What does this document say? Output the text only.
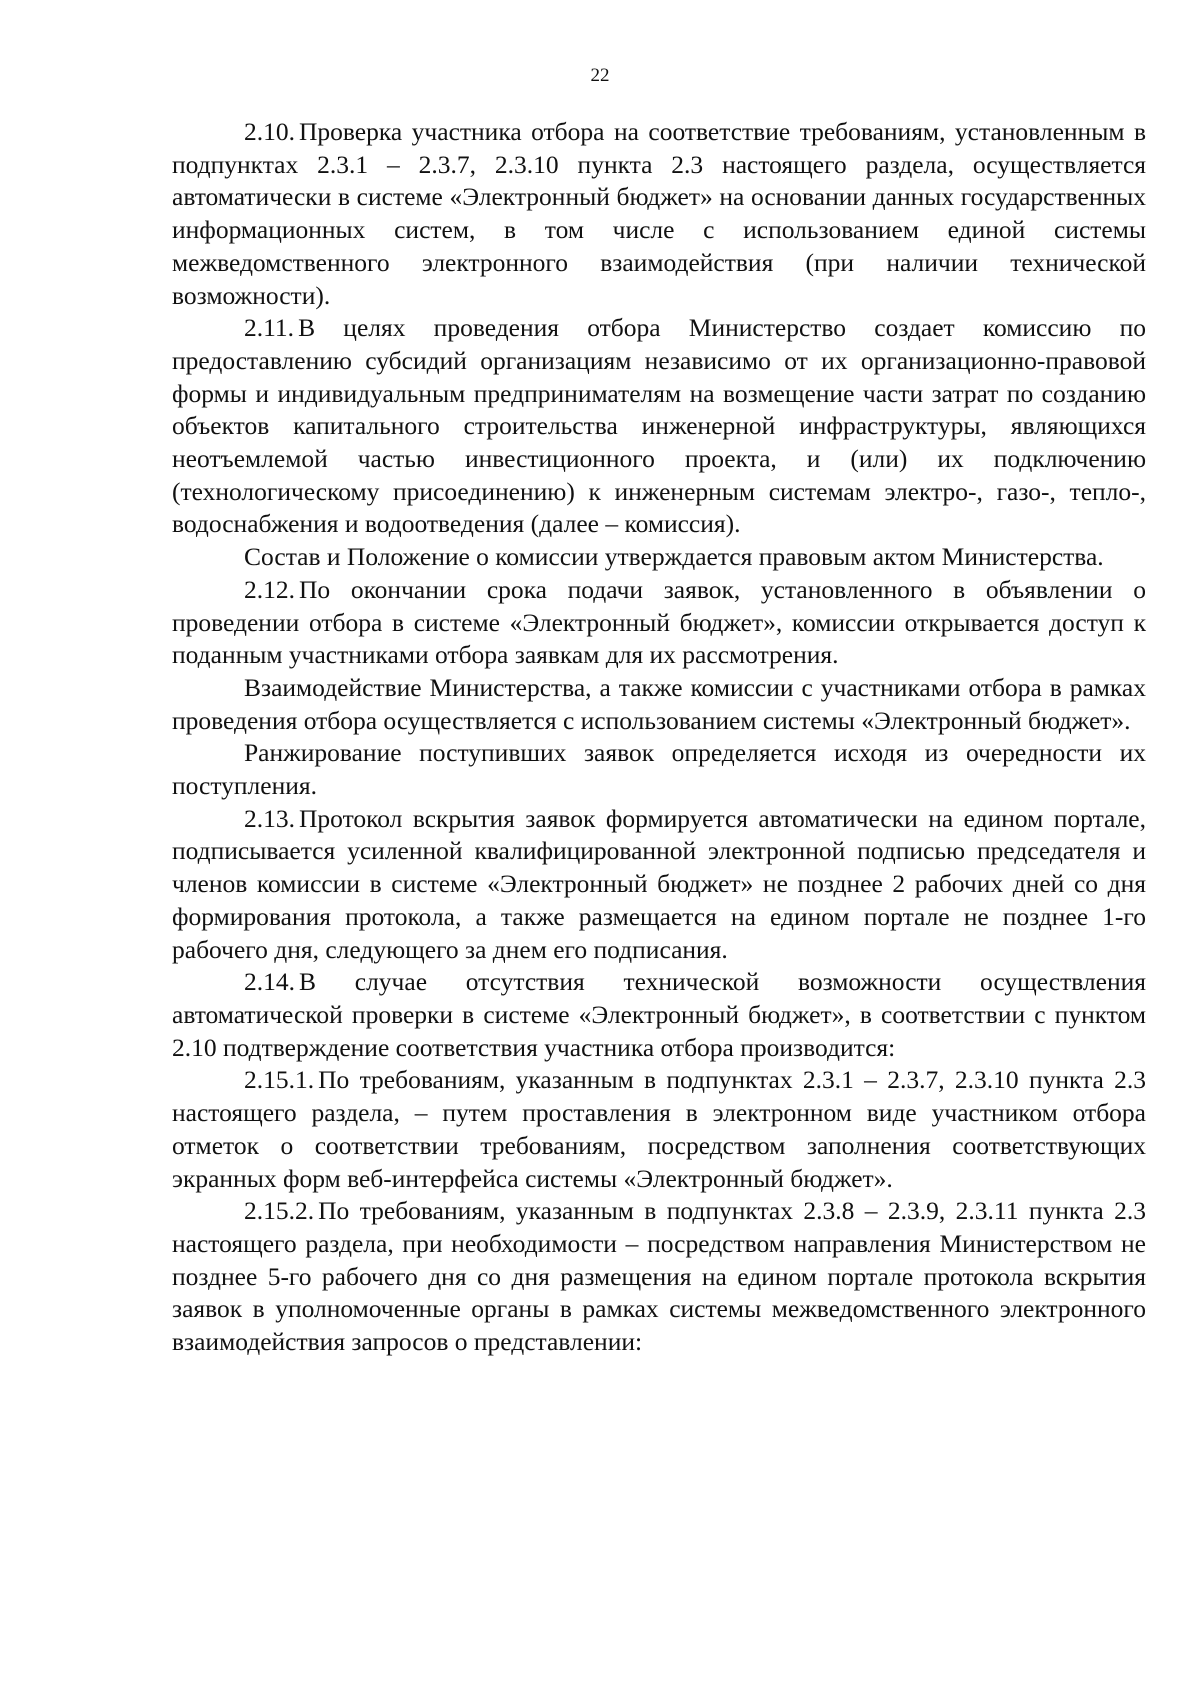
22

2.10. Проверка участника отбора на соответствие требованиям, установленным в подпунктах 2.3.1 – 2.3.7, 2.3.10 пункта 2.3 настоящего раздела, осуществляется автоматически в системе «Электронный бюджет» на основании данных государственных информационных систем, в том числе с использованием единой системы межведомственного электронного взаимодействия (при наличии технической возможности).

2.11. В целях проведения отбора Министерство создает комиссию по предоставлению субсидий организациям независимо от их организационно-правовой формы и индивидуальным предпринимателям на возмещение части затрат по созданию объектов капитального строительства инженерной инфраструктуры, являющихся неотъемлемой частью инвестиционного проекта, и (или) их подключению (технологическому присоединению) к инженерным системам электро-, газо-, тепло-, водоснабжения и водоотведения (далее – комиссия).

Состав и Положение о комиссии утверждается правовым актом Министерства.

2.12. По окончании срока подачи заявок, установленного в объявлении о проведении отбора в системе «Электронный бюджет», комиссии открывается доступ к поданным участниками отбора заявкам для их рассмотрения.

Взаимодействие Министерства, а также комиссии с участниками отбора в рамках проведения отбора осуществляется с использованием системы «Электронный бюджет».

Ранжирование поступивших заявок определяется исходя из очередности их поступления.

2.13. Протокол вскрытия заявок формируется автоматически на едином портале, подписывается усиленной квалифицированной электронной подписью председателя и членов комиссии в системе «Электронный бюджет» не позднее 2 рабочих дней со дня формирования протокола, а также размещается на едином портале не позднее 1-го рабочего дня, следующего за днем его подписания.

2.14. В случае отсутствия технической возможности осуществления автоматической проверки в системе «Электронный бюджет», в соответствии с пунктом 2.10 подтверждение соответствия участника отбора производится:

2.15.1. По требованиям, указанным в подпунктах 2.3.1 – 2.3.7, 2.3.10 пункта 2.3 настоящего раздела, – путем проставления в электронном виде участником отбора отметок о соответствии требованиям, посредством заполнения соответствующих экранных форм веб-интерфейса системы «Электронный бюджет».

2.15.2. По требованиям, указанным в подпунктах 2.3.8 – 2.3.9, 2.3.11 пункта 2.3 настоящего раздела, при необходимости – посредством направления Министерством не позднее 5-го рабочего дня со дня размещения на едином портале протокола вскрытия заявок в уполномоченные органы в рамках системы межведомственного электронного взаимодействия запросов о представлении:
